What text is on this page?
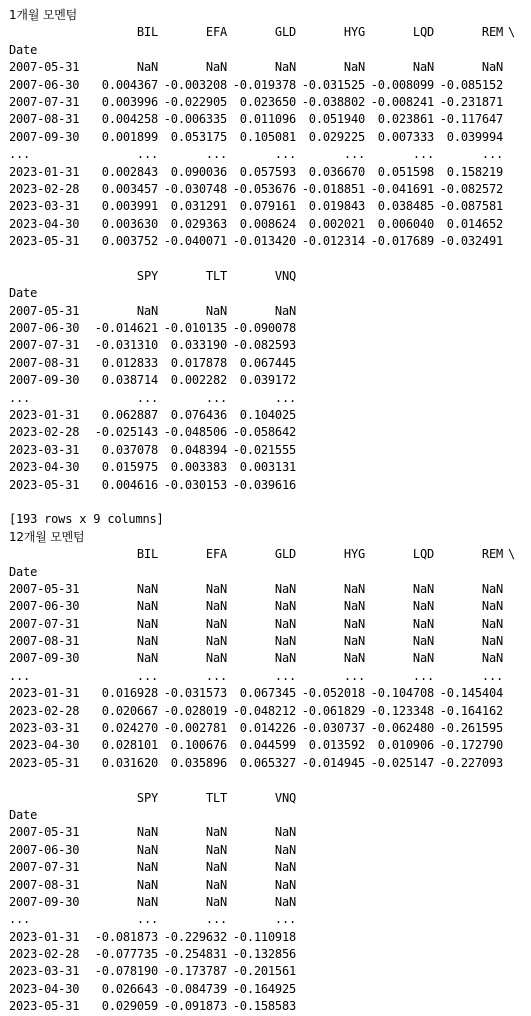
1개월 모멘텀
BIL	EFA	GLD	HYG	LQD	REM \
Date
2007-05-31	NaN	NaN	NaN	NaN	NaN	NaN
2007-06-30	0.004367 -0.003208 -0.019378 -0.031525 -0.008099 -0.085152
2007-07-31	0.003996 -0.022905	0.023650 -0.038802 -0.008241 -0.231871
2007-08-31	0.004258 -0.006335	0.011096	0.051940	0.023861 -0.117647
2007-09-30	0.001899	0.053175	0.105081	0.029225	0.007333	0.039994
...	...	...	...	...	...	...
2023-01-31	0.002843	0.090036	0.057593	0.036670	0.051598	0.158219
2023-02-28	0.003457 -0.030748 -0.053676 -0.018851 -0.041691 -0.082572
2023-03-31	0.003991	0.031291	0.079161	0.019843	0.038485 -0.087581
2023-04-30	0.003630	0.029363	0.008624	0.002021	0.006040	0.014652
2023-05-31	0.003752 -0.040071 -0.013420 -0.012314 -0.017689 -0.032491
SPY	TLT	VNQ
Date
2007-05-31	NaN	NaN	NaN
2007-06-30	-0.014621 -0.010135 -0.090078
2007-07-31	-0.031310	0.033190 -0.082593
2007-08-31	0.012833	0.017878	0.067445
2007-09-30	0.038714	0.002282	0.039172
...	...	...	...
2023-01-31	0.062887	0.076436	0.104025
2023-02-28	-0.025143 -0.048506 -0.058642
2023-03-31	0.037078	0.048394 -0.021555
2023-04-30	0.015975	0.003383	0.003131
2023-05-31	0.004616 -0.030153 -0.039616
[193 rows x 9 columns]
12개월 모멘텀
BIL	EFA	GLD	HYG	LQD	REM \
Date
2007-05-31	NaN	NaN	NaN	NaN	NaN	NaN
2007-06-30	NaN	NaN	NaN	NaN	NaN	NaN
2007-07-31	NaN	NaN	NaN	NaN	NaN	NaN
2007-08-31	NaN	NaN	NaN	NaN	NaN	NaN
2007-09-30	NaN	NaN	NaN	NaN	NaN	NaN
...	...	...	...	...	...	...
2023-01-31	0.016928 -0.031573	0.067345 -0.052018 -0.104708 -0.145404
2023-02-28	0.020667 -0.028019 -0.048212 -0.061829 -0.123348 -0.164162
2023-03-31	0.024270 -0.002781	0.014226 -0.030737 -0.062480 -0.261595
2023-04-30	0.028101	0.100676	0.044599	0.013592	0.010906 -0.172790
2023-05-31	0.031620	0.035896	0.065327 -0.014945 -0.025147 -0.227093
SPY	TLT	VNQ
Date
2007-05-31	NaN	NaN	NaN
2007-06-30	NaN	NaN	NaN
2007-07-31	NaN	NaN	NaN
2007-08-31	NaN	NaN	NaN
2007-09-30	NaN	NaN	NaN
...	...	...	...
2023-01-31	-0.081873 -0.229632 -0.110918
2023-02-28	-0.077735 -0.254831 -0.132856
2023-03-31	-0.078190 -0.173787 -0.201561
2023-04-30	0.026643 -0.084739 -0.164925
2023-05-31	0.029059 -0.091873 -0.158583
